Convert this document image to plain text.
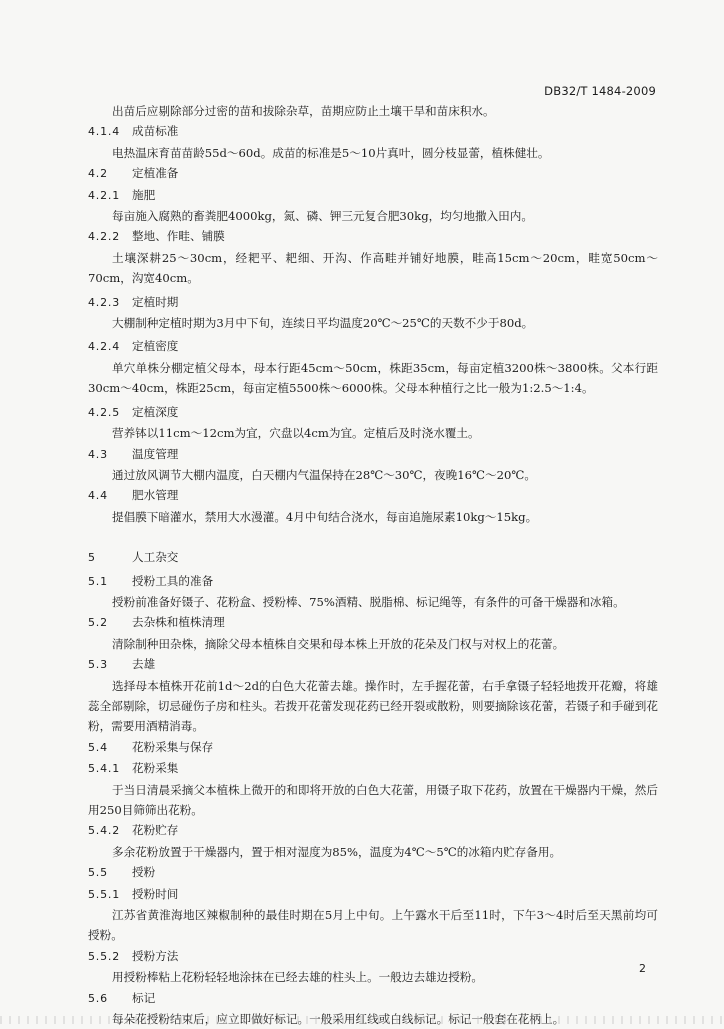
DB32/T 1484-2009
出苗后应剔除部分过密的苗和拔除杂草，苗期应防止土壤干旱和苗床积水。
4.1.4 成苗标准
电热温床育苗苗龄55d～60d。成苗的标准是5～10片真叶，圆分枝显蕾，植株健壮。
4.2 定植准备
4.2.1 施肥
每亩施入腐熟的畜粪肥4000kg，氮、磷、钾三元复合肥30kg，均匀地撒入田内。
4.2.2 整地、作畦、铺膜
土壤深耕25～30cm，经耙平、耙细、开沟、作高畦并铺好地膜，畦高15cm～20cm，畦宽50cm～70cm，沟宽40cm。
4.2.3 定植时期
大棚制种定植时期为3月中下旬，连续日平均温度20℃～25℃的天数不少于80d。
4.2.4 定植密度
单穴单株分棚定植父母本，母本行距45cm～50cm，株距35cm，每亩定植3200株～3800株。父本行距30cm～40cm，株距25cm，每亩定植5500株～6000株。父母本种植行之比一般为1:2.5～1:4。
4.2.5 定植深度
营养钵以11cm～12cm为宜，穴盘以4cm为宜。定植后及时浇水覆土。
4.3 温度管理
通过放风调节大棚内温度，白天棚内气温保持在28℃～30℃，夜晚16℃～20℃。
4.4 肥水管理
提倡膜下暗灌水，禁用大水漫灌。4月中旬结合浇水，每亩追施尿素10kg～15kg。
5	人工杂交
5.1 授粉工具的准备
授粉前准备好镊子、花粉盒、授粉棒、75%酒精、脱脂棉、标记绳等，有条件的可备干燥器和冰箱。
5.2 去杂株和植株清理
清除制种田杂株，摘除父母本植株自交果和母本株上开放的花朵及门权与对权上的花蕾。
5.3 去雄
选择母本植株开花前1d～2d的白色大花蕾去雄。操作时，左手握花蕾，右手拿镊子轻轻地拨开花瓣，将雄蕊全部剔除，切忌碰伤子房和柱头。若拨开花蕾发现花药已经开裂或散粉，则要摘除该花蕾，若镊子和手碰到花粉，需要用酒精消毒。
5.4 花粉采集与保存
5.4.1 花粉采集
于当日清晨采摘父本植株上微开的和即将开放的白色大花蕾，用镊子取下花药，放置在干燥器内干燥，然后用250目筛筛出花粉。
5.4.2 花粉贮存
多余花粉放置于干燥器内，置于相对湿度为85%，温度为4℃～5℃的冰箱内贮存备用。
5.5 授粉
5.5.1 授粉时间
江苏省黄淮海地区辣椒制种的最佳时期在5月上中旬。上午露水干后至11时，下午3～4时后至天黑前均可授粉。
5.5.2 授粉方法
用授粉棒粘上花粉轻轻地涂抹在已经去雄的柱头上。一般边去雄边授粉。
5.6 标记
每朵花授粉结束后，应立即做好标记。一般采用红线或白线标记。标记一般套在花柄上。
2
